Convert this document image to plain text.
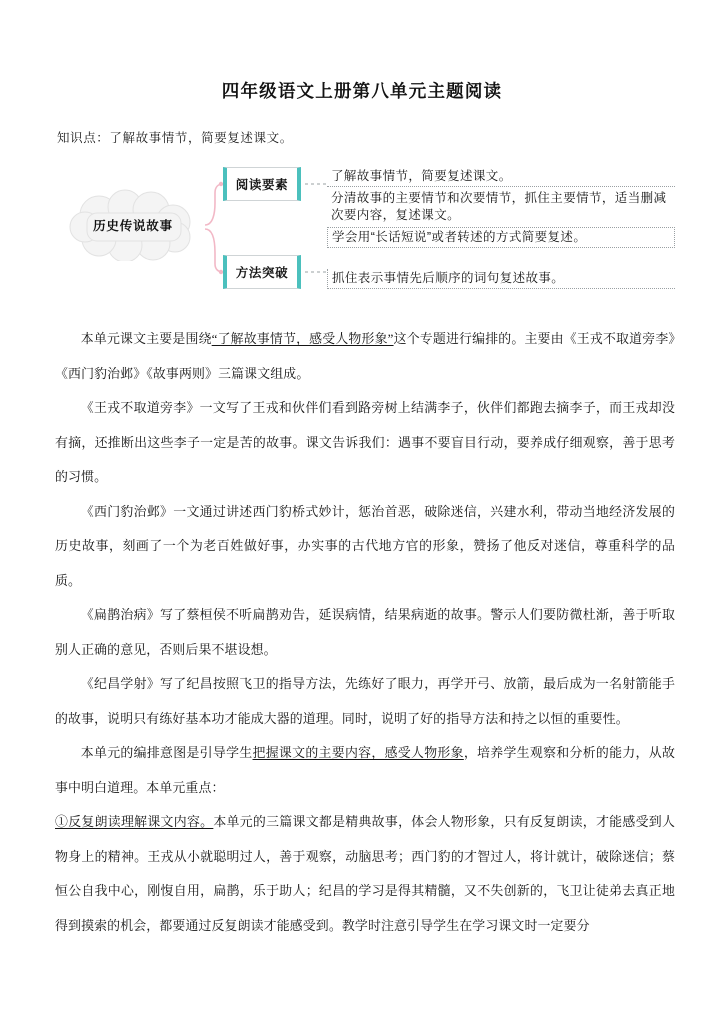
四年级语文上册第八单元主题阅读
知识点：了解故事情节，简要复述课文。
历史传说故事
阅读要素
方法突破
了解故事情节，简要复述课文。
分清故事的主要情节和次要情节，抓住主要情节，适当删减次要内容，复述课文。
学会用“长话短说”或者转述的方式简要复述。
抓住表示事情先后顺序的词句复述故事。

本单元课文主要是围绕“了解故事情节，感受人物形象”这个专题进行编排的。主要由《王戎不取道旁李》《西门豹治邺》《故事两则》三篇课文组成。

《王戎不取道旁李》一文写了王戎和伙伴们看到路旁树上结满李子，伙伴们都跑去摘李子，而王戎却没有摘，还推断出这些李子一定是苦的故事。课文告诉我们：遇事不要盲目行动，要养成仔细观察，善于思考的习惯。

《西门豹治邺》一文通过讲述西门豹桥式妙计，惩治首恶，破除迷信，兴建水利，带动当地经济发展的历史故事，刻画了一个为老百姓做好事，办实事的古代地方官的形象，赞扬了他反对迷信，尊重科学的品质。

《扁鹊治病》写了蔡桓侯不听扁鹊劝告，延误病情，结果病逝的故事。警示人们要防微杜渐，善于听取别人正确的意见，否则后果不堪设想。

《纪昌学射》写了纪昌按照飞卫的指导方法，先练好了眼力，再学开弓、放箭，最后成为一名射箭能手的故事，说明只有练好基本功才能成大器的道理。同时，说明了好的指导方法和持之以恒的重要性。

本单元的编排意图是引导学生把握课文的主要内容，感受人物形象，培养学生观察和分析的能力，从故事中明白道理。本单元重点：

①反复朗读理解课文内容。本单元的三篇课文都是精典故事，体会人物形象，只有反复朗读，才能感受到人物身上的精神。王戎从小就聪明过人，善于观察，动脑思考；西门豹的才智过人，将计就计，破除迷信；蔡恒公自我中心，刚愎自用，扁鹊，乐于助人；纪昌的学习是得其精髓，又不失创新的，飞卫让徒弟去真正地得到摸索的机会，都要通过反复朗读才能感受到。教学时注意引导学生在学习课文时一定要分
